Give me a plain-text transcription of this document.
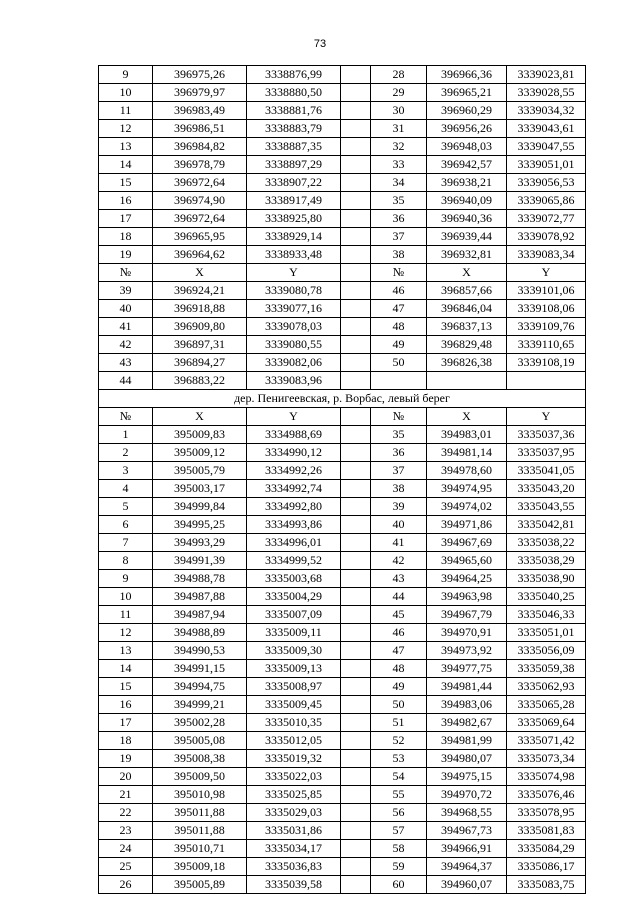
73
9	396975,26	3338876,99		28	396966,36	3339023,81
10	396979,97	3338880,50		29	396965,21	3339028,55
11	396983,49	3338881,76		30	396960,29	3339034,32
12	396986,51	3338883,79		31	396956,26	3339043,61
13	396984,82	3338887,35		32	396948,03	3339047,55
14	396978,79	3338897,29		33	396942,57	3339051,01
15	396972,64	3338907,22		34	396938,21	3339056,53
16	396974,90	3338917,49		35	396940,09	3339065,86
17	396972,64	3338925,80		36	396940,36	3339072,77
18	396965,95	3338929,14		37	396939,44	3339078,92
19	396964,62	3338933,48		38	396932,81	3339083,34
№	X	Y		№	X	Y
39	396924,21	3339080,78		46	396857,66	3339101,06
40	396918,88	3339077,16		47	396846,04	3339108,06
41	396909,80	3339078,03		48	396837,13	3339109,76
42	396897,31	3339080,55		49	396829,48	3339110,65
43	396894,27	3339082,06		50	396826,38	3339108,19
44	396883,22	3339083,96				
дер. Пенигеевская, р. Ворбас, левый берег						
№	X	Y		№	X	Y
1	395009,83	3334988,69		35	394983,01	3335037,36
2	395009,12	3334990,12		36	394981,14	3335037,95
3	395005,79	3334992,26		37	394978,60	3335041,05
4	395003,17	3334992,74		38	394974,95	3335043,20
5	394999,84	3334992,80		39	394974,02	3335043,55
6	394995,25	3334993,86		40	394971,86	3335042,81
7	394993,29	3334996,01		41	394967,69	3335038,22
8	394991,39	3334999,52		42	394965,60	3335038,29
9	394988,78	3335003,68		43	394964,25	3335038,90
10	394987,88	3335004,29		44	394963,98	3335040,25
11	394987,94	3335007,09		45	394967,79	3335046,33
12	394988,89	3335009,11		46	394970,91	3335051,01
13	394990,53	3335009,30		47	394973,92	3335056,09
14	394991,15	3335009,13		48	394977,75	3335059,38
15	394994,75	3335008,97		49	394981,44	3335062,93
16	394999,21	3335009,45		50	394983,06	3335065,28
17	395002,28	3335010,35		51	394982,67	3335069,64
18	395005,08	3335012,05		52	394981,99	3335071,42
19	395008,38	3335019,32		53	394980,07	3335073,34
20	395009,50	3335022,03		54	394975,15	3335074,98
21	395010,98	3335025,85		55	394970,72	3335076,46
22	395011,88	3335029,03		56	394968,55	3335078,95
23	395011,88	3335031,86		57	394967,73	3335081,83
24	395010,71	3335034,17		58	394966,91	3335084,29
25	395009,18	3335036,83		59	394964,37	3335086,17
26	395005,89	3335039,58		60	394960,07	3335083,75
